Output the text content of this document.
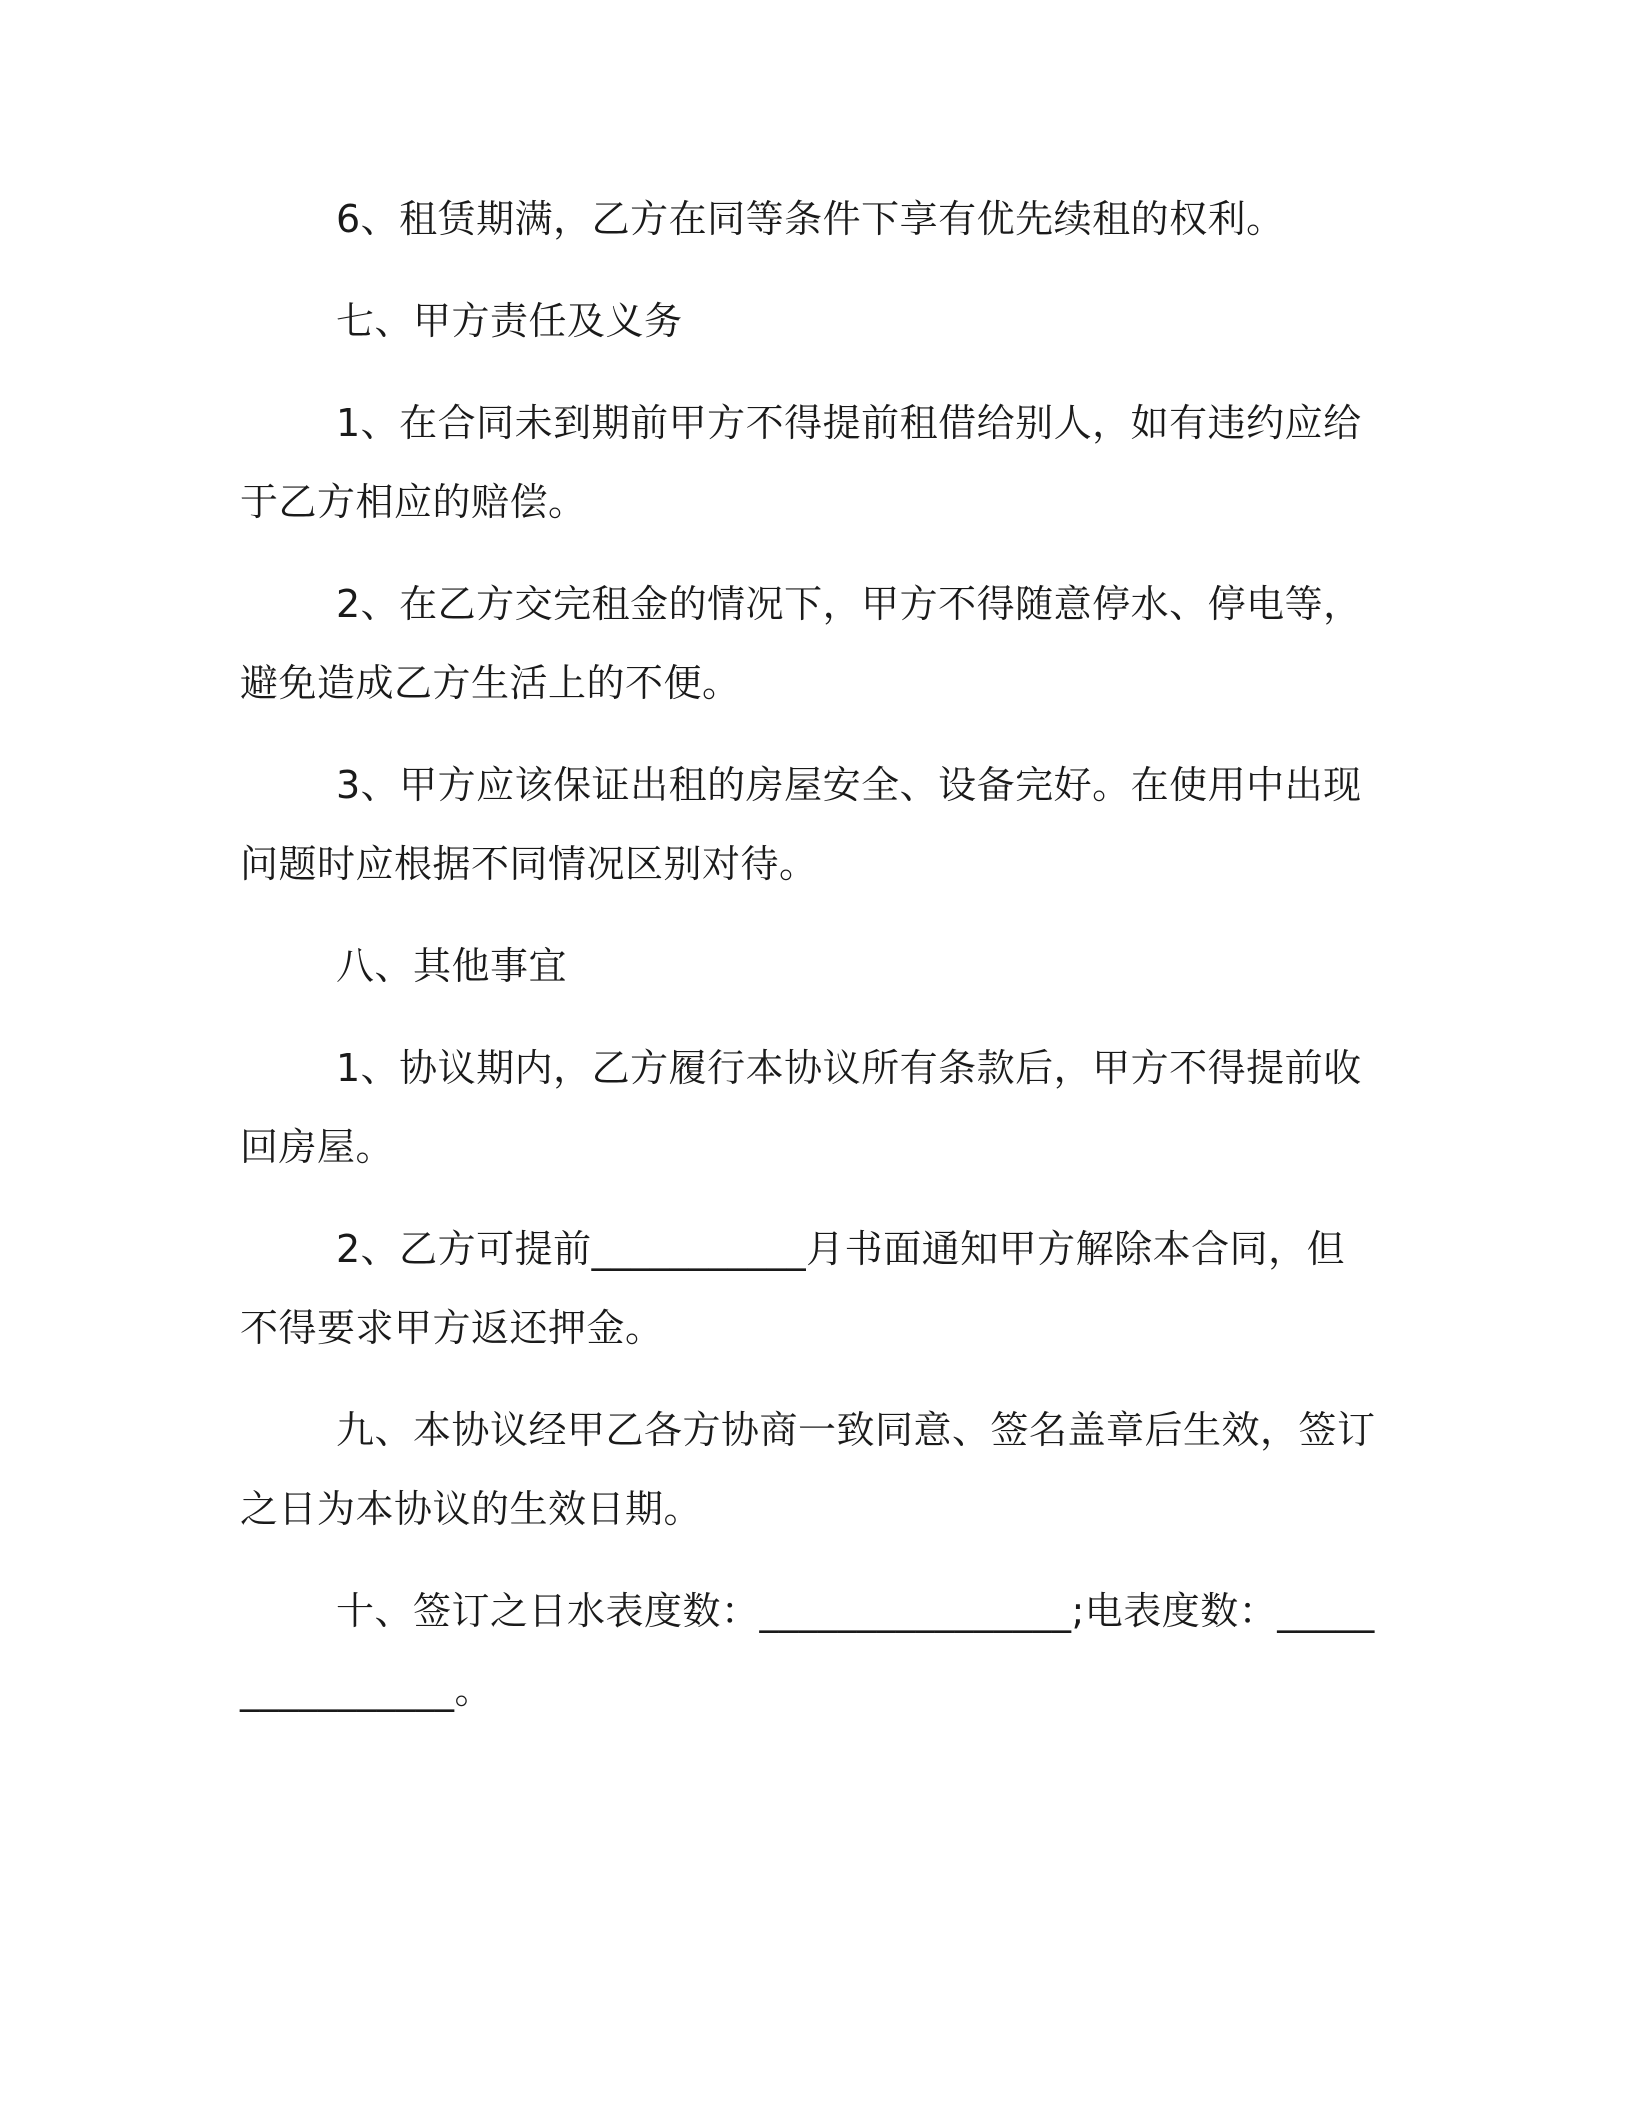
6、租赁期满，乙方在同等条件下享有优先续租的权利。

七、甲方责任及义务

1、在合同未到期前甲方不得提前租借给别人，如有违约应给于乙方相应的赔偿。

2、在乙方交完租金的情况下，甲方不得随意停水、停电等，避免造成乙方生活上的不便。

3、甲方应该保证出租的房屋安全、设备完好。在使用中出现问题时应根据不同情况区别对待。

八、其他事宜

1、协议期内，乙方履行本协议所有条款后，甲方不得提前收回房屋。

2、乙方可提前___________月书面通知甲方解除本合同，但不得要求甲方返还押金。

九、本协议经甲乙各方协商一致同意、签名盖章后生效，签订之日为本协议的生效日期。

十、签订之日水表度数：________________;电表度数：________________。
